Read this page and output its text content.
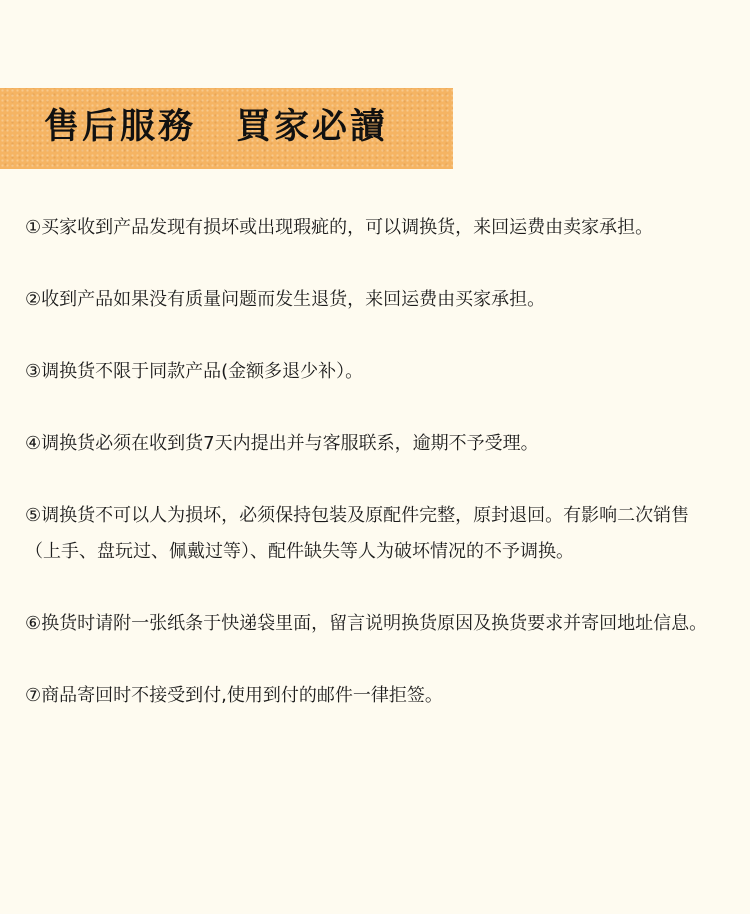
售后服務 買家必讀

①买家收到产品发现有损坏或出现瑕疵的，可以调换货，来回运费由卖家承担。

②收到产品如果没有质量问题而发生退货，来回运费由买家承担。

③调换货不限于同款产品(金额多退少补）。

④调换货必须在收到货7天内提出并与客服联系，逾期不予受理。

⑤调换货不可以人为损坏，必须保持包装及原配件完整，原封退回。有影响二次销售（上手、盘玩过、佩戴过等）、配件缺失等人为破坏情况的不予调换。

⑥换货时请附一张纸条于快递袋里面，留言说明换货原因及换货要求并寄回地址信息。

⑦商品寄回时不接受到付,使用到付的邮件一律拒签。
